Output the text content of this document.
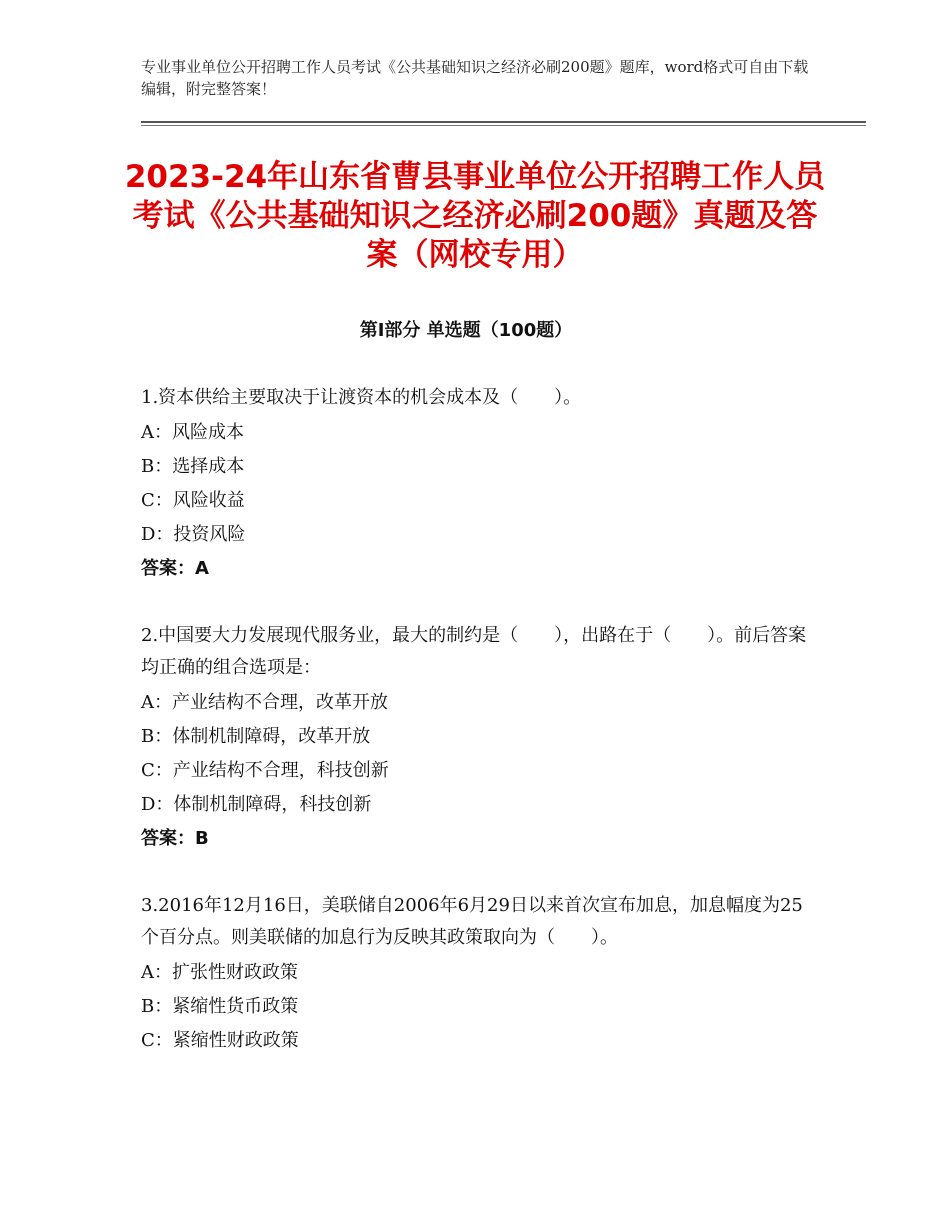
专业事业单位公开招聘工作人员考试《公共基础知识之经济必刷200题》题库，word格式可自由下载编辑，附完整答案！
2023-24年山东省曹县事业单位公开招聘工作人员考试《公共基础知识之经济必刷200题》真题及答案（网校专用）
第Ⅰ部分 单选题（100题）
1.资本供给主要取决于让渡资本的机会成本及（　　）。
A：风险成本
B：选择成本
C：风险收益
D：投资风险
答案：A
2.中国要大力发展现代服务业，最大的制约是（　　），出路在于（　　）。前后答案均正确的组合选项是：
A：产业结构不合理，改革开放
B：体制机制障碍，改革开放
C：产业结构不合理，科技创新
D：体制机制障碍，科技创新
答案：B
3.2016年12月16日，美联储自2006年6月29日以来首次宣布加息，加息幅度为25个百分点。则美联储的加息行为反映其政策取向为（　　）。
A：扩张性财政政策
B：紧缩性货币政策
C：紧缩性财政政策
